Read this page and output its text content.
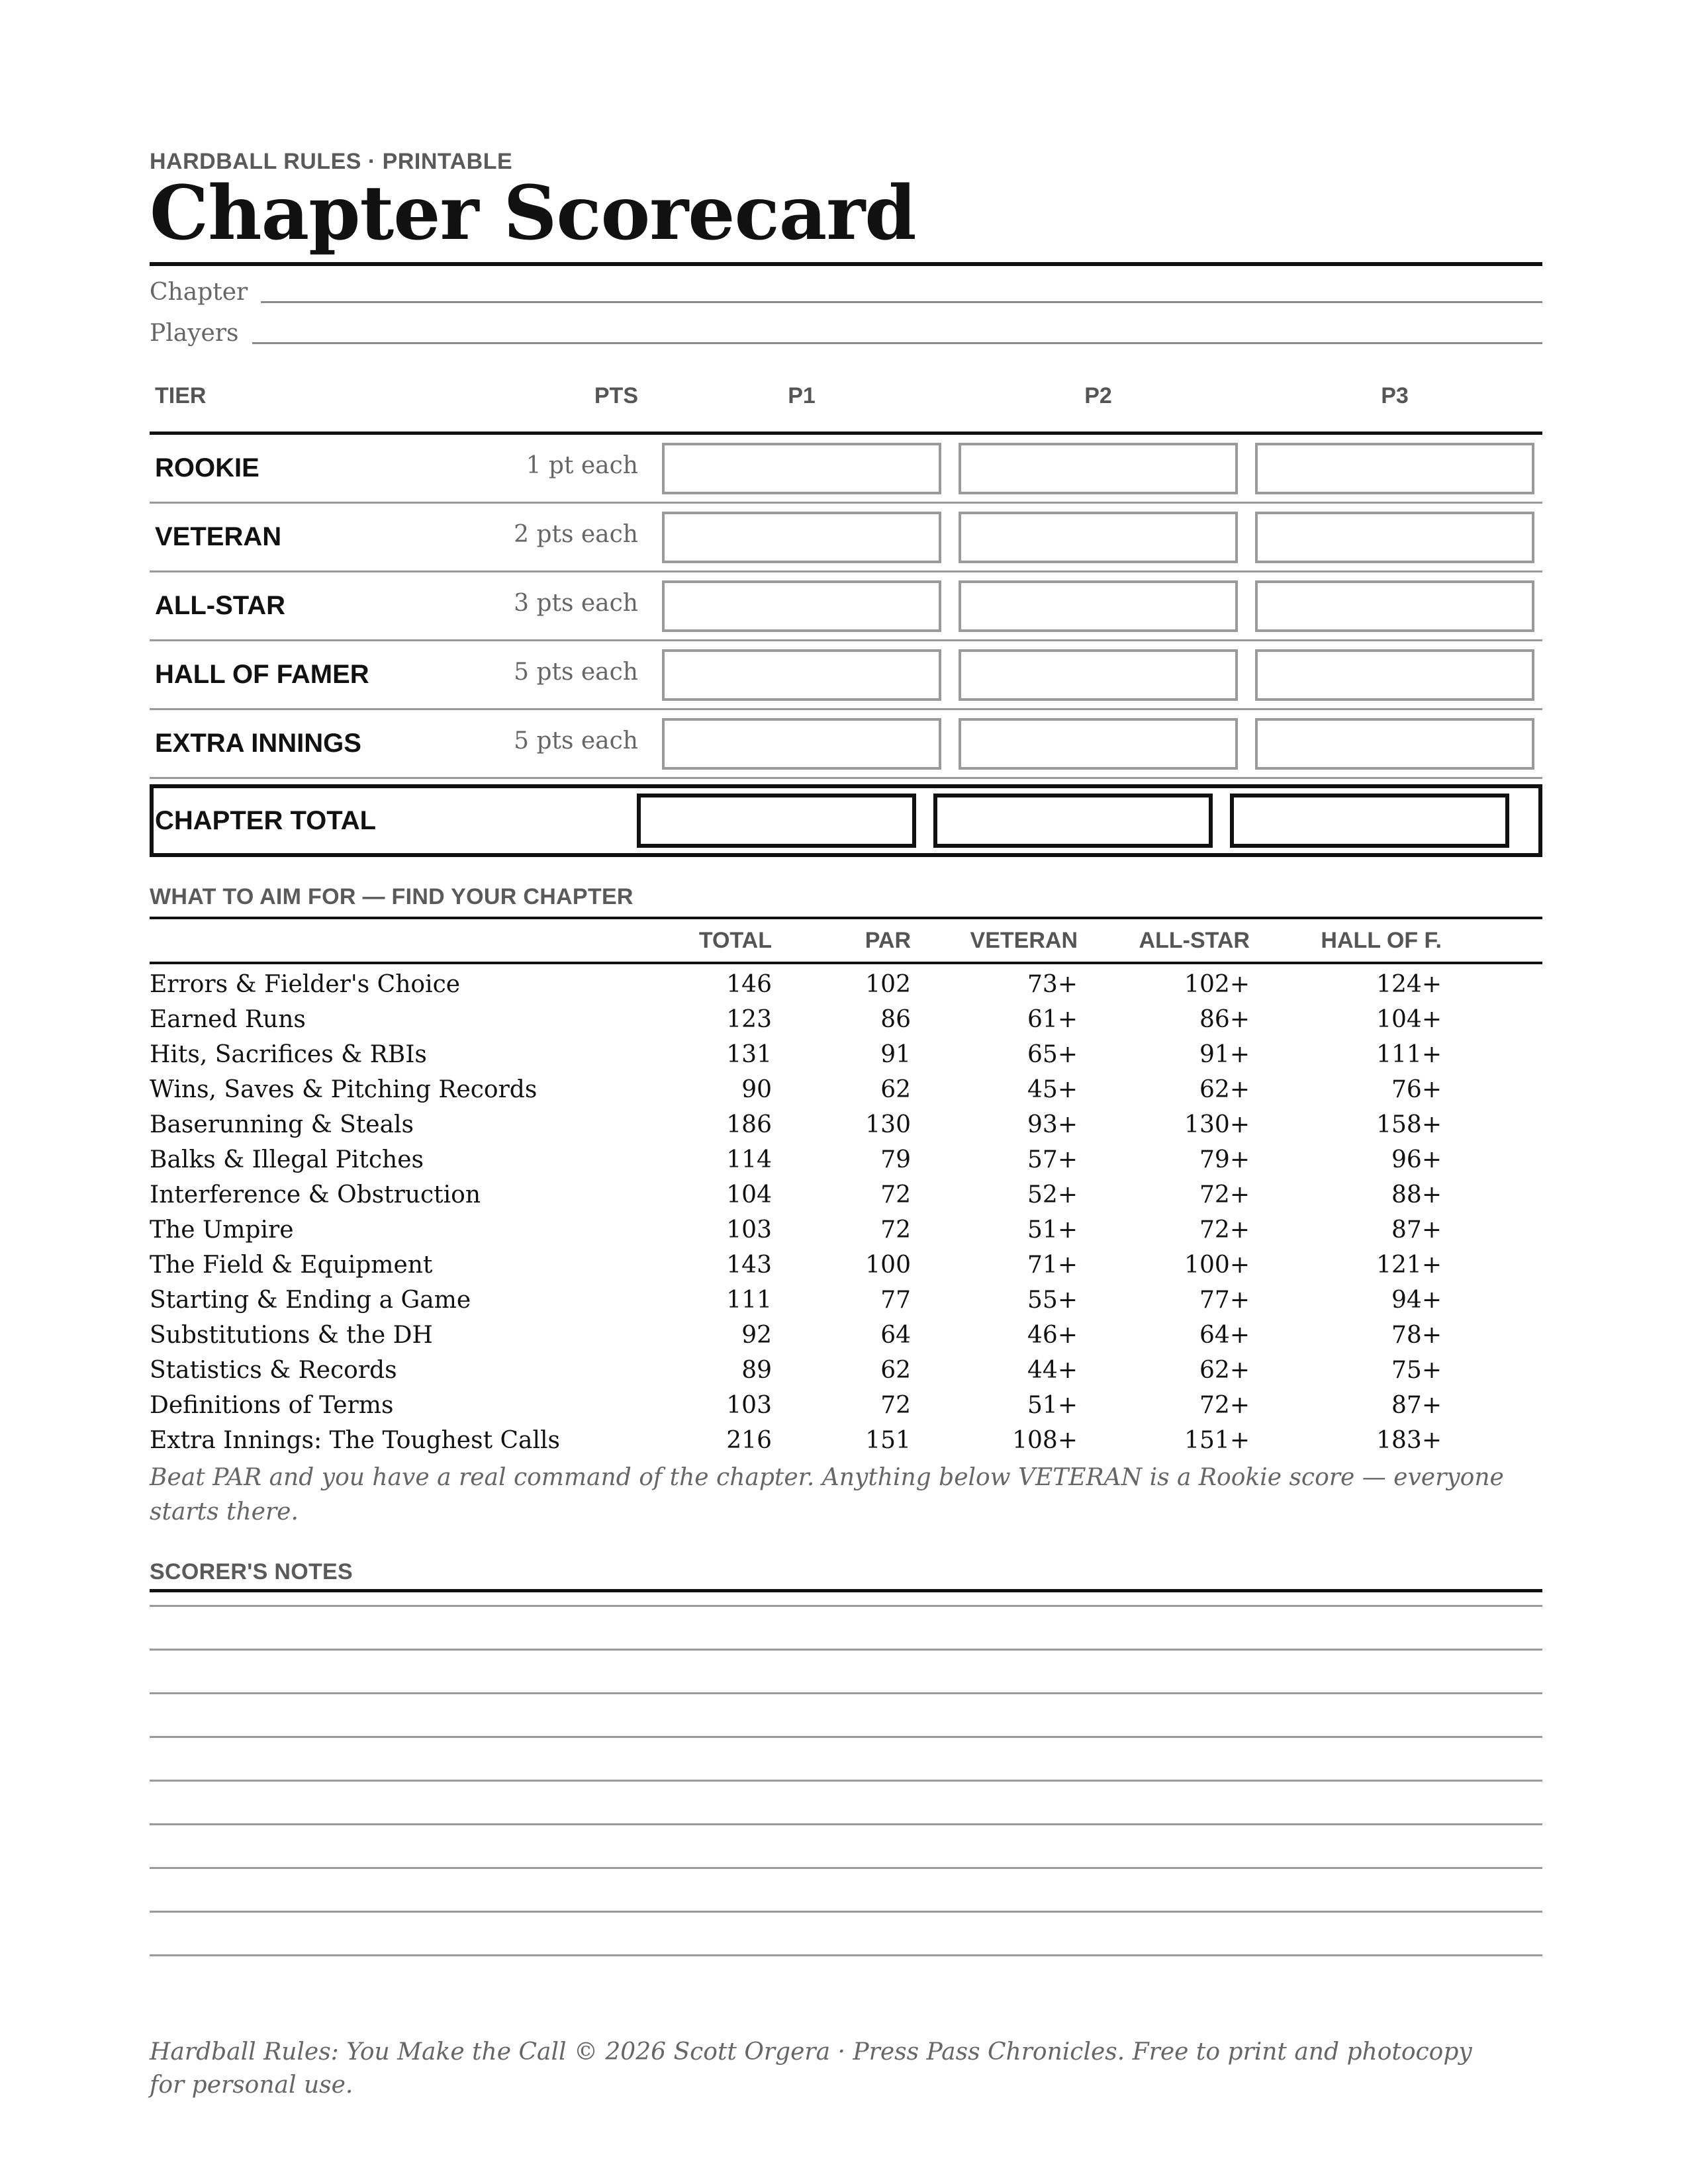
HARDBALL RULES · PRINTABLE
Chapter Scorecard
Chapter
Players
TIER	PTS	P1	P2	P3
ROOKIE	1 pt each
VETERAN	2 pts each
ALL-STAR	3 pts each
HALL OF FAMER	5 pts each
EXTRA INNINGS	5 pts each
CHAPTER TOTAL
WHAT TO AIM FOR — FIND YOUR CHAPTER
TOTAL	PAR	VETERAN	ALL-STAR	HALL OF F.
Errors & Fielder's Choice	146	102	73+	102+	124+
Earned Runs	123	86	61+	86+	104+
Hits, Sacrifices & RBIs	131	91	65+	91+	111+
Wins, Saves & Pitching Records	90	62	45+	62+	76+
Baserunning & Steals	186	130	93+	130+	158+
Balks & Illegal Pitches	114	79	57+	79+	96+
Interference & Obstruction	104	72	52+	72+	88+
The Umpire	103	72	51+	72+	87+
The Field & Equipment	143	100	71+	100+	121+
Starting & Ending a Game	111	77	55+	77+	94+
Substitutions & the DH	92	64	46+	64+	78+
Statistics & Records	89	62	44+	62+	75+
Definitions of Terms	103	72	51+	72+	87+
Extra Innings: The Toughest Calls	216	151	108+	151+	183+
Beat PAR and you have a real command of the chapter. Anything below VETERAN is a Rookie score — everyone starts there.
SCORER'S NOTES
Hardball Rules: You Make the Call © 2026 Scott Orgera · Press Pass Chronicles. Free to print and photocopy for personal use.
